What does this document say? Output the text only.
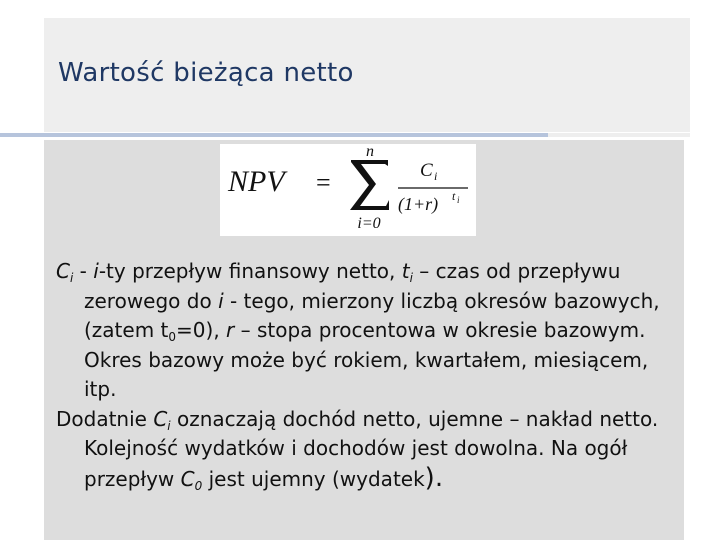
Wartość bieżąca netto
NPV =
n
i=0
C i
(1+r) t i

$C_i - i-ty$ przepływ finansowy netto, $t_i$ – czas od przepływu zerowego do i - tego, mierzony liczbą okresów bazowych,(zatem $t_0=0$), r – stopa procentowa w okresie bazowym. Okres bazowy może być rokiem, kwartałem, miesiącem, itp.

Dodatnie $C_i$ oznaczają dochód netto, ujemne – nakład netto. Kolejność wydatków i dochodów jest dowolna. Na ogół przepływ $C_0$ jest ujemny (wydatek).
